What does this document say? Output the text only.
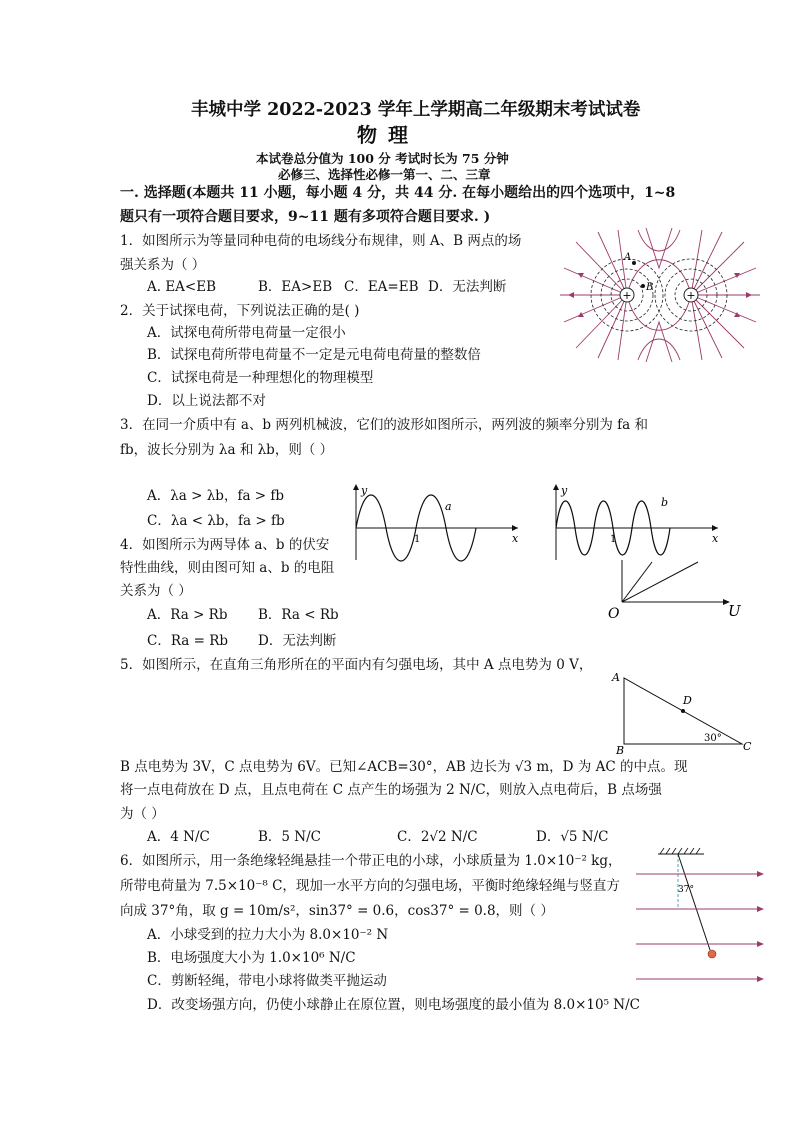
丰城中学 2022-2023 学年上学期高二年级期末考试试卷
物 理
本试卷总分值为 100 分 考试时长为 75 分钟
必修三、选择性必修一第一、二、三章
一. 选择题(本题共 11 小题，每小题 4 分，共 44 分. 在每小题给出的四个选项中，1~8
题只有一项符合题目要求，9~11 题有多项符合题目要求. )
1．如图所示为等量同种电荷的电场线分布规律，则 A、B 两点的场
强关系为（ ）
A. EA<EB	B．EA>EB C．EA=EB D．无法判断
+	+
A
B
2．关于试探电荷，下列说法正确的是( )
A．试探电荷所带电荷量一定很小
B．试探电荷所带电荷量不一定是元电荷电荷量的整数倍
C．试探电荷是一种理想化的物理模型
D．以上说法都不对
3．在同一介质中有 a、b 两列机械波，它们的波形如图所示，两列波的频率分别为 fa 和
fb，波长分别为 λa 和 λb，则（ ）
A．λa > λb，fa > fb
C．λa < λb，fa > fb
y
x
a
1
y
x
b
1
4．如图所示为两导体 a、b 的伏安
特性曲线，则由图可知 a、b 的电阻
关系为（ ）
A．Ra > Rb B．Ra < Rb
C．Ra = Rb D．无法判断
O	U
5．如图所示，在直角三角形所在的平面内有匀强电场，其中 A 点电势为 0 V，
B 点电势为 3V，C 点电势为 6V。已知∠ACB=30°，AB 边长为 √3 m，D 为 AC 的中点。现
将一点电荷放在 D 点，且点电荷在 C 点产生的场强为 2 N/C，则放入点电荷后，B 点场强
为（ ）
A．4 N/C	B．5 N/C	C．2√2 N/C	D．√5 N/C
A
B	C
D
30°
6．如图所示，用一条绝缘轻绳悬挂一个带正电的小球，小球质量为 1.0×10⁻² kg，
所带电荷量为 7.5×10⁻⁸ C，现加一水平方向的匀强电场，平衡时绝缘轻绳与竖直方
向成 37°角，取 g = 10m/s²，sin37° = 0.6，cos37° = 0.8，则（ ）
A．小球受到的拉力大小为 8.0×10⁻² N
B．电场强度大小为 1.0×10⁶ N/C
C．剪断轻绳，带电小球将做类平抛运动
D．改变场强方向，仍使小球静止在原位置，则电场强度的最小值为 8.0×10⁵ N/C
37°
